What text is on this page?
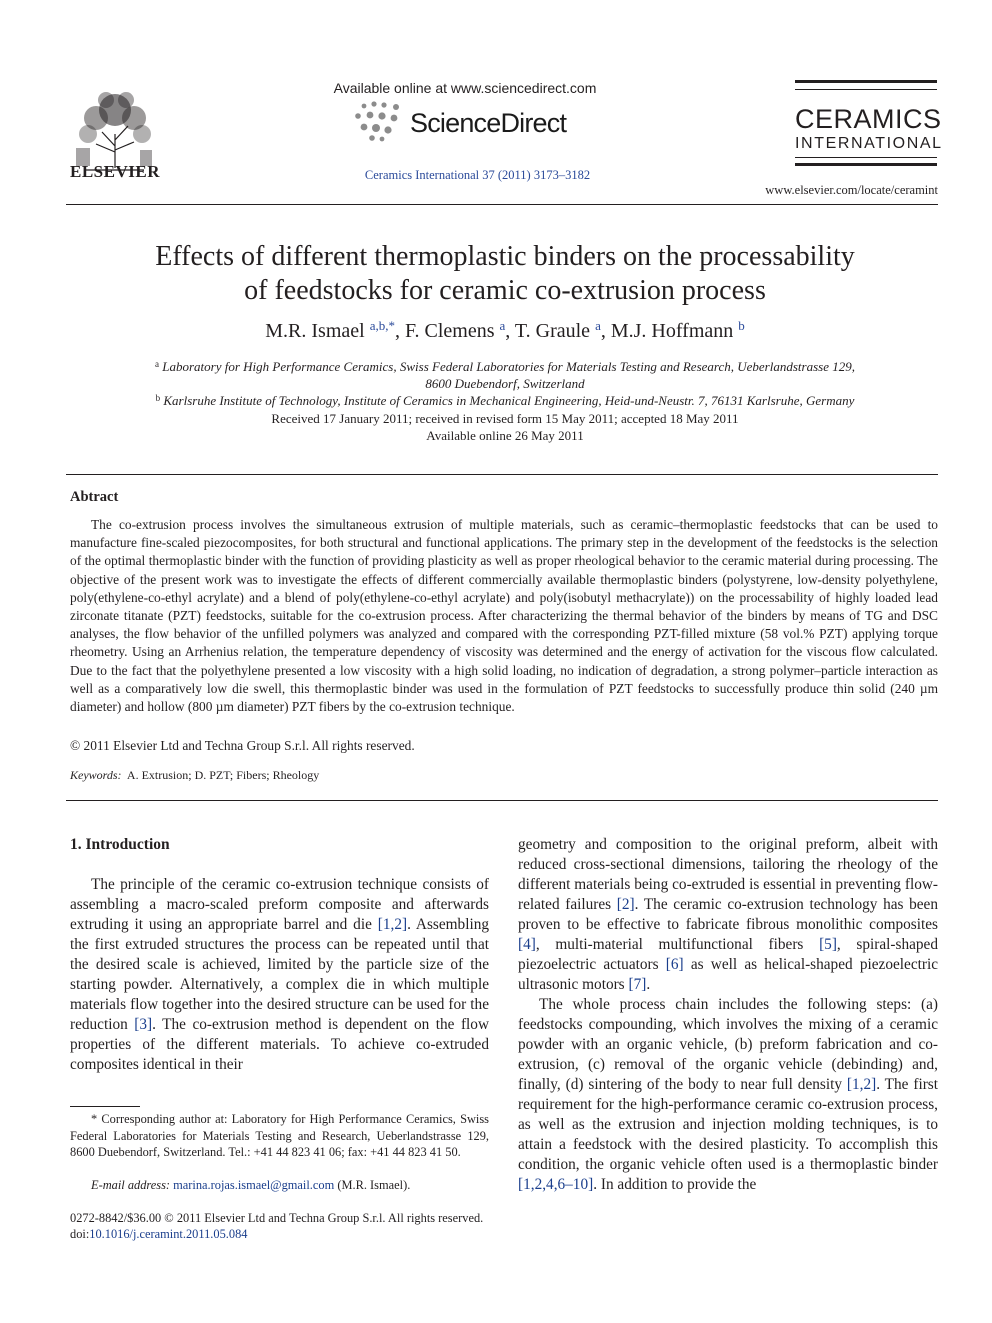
ELSEVIER
Available online at www.sciencedirect.com
ScienceDirect
Ceramics International 37 (2011) 3173–3182
CERAMICS
INTERNATIONAL
www.elsevier.com/locate/ceramint
Effects of different thermoplastic binders on the processability
of feedstocks for ceramic co-extrusion process
M.R. Ismael $^{a,b,*}$, F. Clemens $^a$, T. Graule $^a$, M.J. Hoffmann $^b$
$^a$ Laboratory for High Performance Ceramics, Swiss Federal Laboratories for Materials Testing and Research, Ueberlandstrasse 129,
8600 Duebendorf, Switzerland
$^b$ Karlsruhe Institute of Technology, Institute of Ceramics in Mechanical Engineering, Heid-und-Neustr. 7, 76131 Karlsruhe, Germany
Received 17 January 2011; received in revised form 15 May 2011; accepted 18 May 2011
Available online 26 May 2011
Abtract
The co-extrusion process involves the simultaneous extrusion of multiple materials, such as ceramic–thermoplastic feedstocks that can be used to manufacture fine-scaled piezocomposites, for both structural and functional applications. The primary step in the development of the feedstocks is the selection of the optimal thermoplastic binder with the function of providing plasticity as well as proper rheological behavior to the ceramic material during processing. The objective of the present work was to investigate the effects of different commercially available thermoplastic binders (polystyrene, low-density polyethylene, poly(ethylene-co-ethyl acrylate) and a blend of poly(ethylene-co-ethyl acrylate) and poly(isobutyl methacrylate)) on the processability of highly loaded lead zirconate titanate (PZT) feedstocks, suitable for the co-extrusion process. After characterizing the thermal behavior of the binders by means of TG and DSC analyses, the flow behavior of the unfilled polymers was analyzed and compared with the corresponding PZT-filled mixture (58 vol.% PZT) applying torque rheometry. Using an Arrhenius relation, the temperature dependency of viscosity was determined and the energy of activation for the viscous flow calculated. Due to the fact that the polyethylene presented a low viscosity with a high solid loading, no indication of degradation, a strong polymer–particle interaction as well as a comparatively low die swell, this thermoplastic binder was used in the formulation of PZT feedstocks to successfully produce thin solid (240 µm diameter) and hollow (800 µm diameter) PZT fibers by the co-extrusion technique.
© 2011 Elsevier Ltd and Techna Group S.r.l. All rights reserved.
Keywords: A. Extrusion; D. PZT; Fibers; Rheology
1. Introduction
The principle of the ceramic co-extrusion technique consists of assembling a macro-scaled preform composite and afterwards extruding it using an appropriate barrel and die [1,2]. Assembling the first extruded structures the process can be repeated until that the desired scale is achieved, limited by the particle size of the starting powder. Alternatively, a complex die in which multiple materials flow together into the desired structure can be used for the reduction [3]. The co-extrusion method is dependent on the flow properties of the different materials. To achieve co-extruded composites identical in their

geometry and composition to the original preform, albeit with reduced cross-sectional dimensions, tailoring the rheology of the different materials being co-extruded is essential in preventing flow-related failures [2]. The ceramic co-extrusion technology has been proven to be effective to fabricate fibrous monolithic composites [4], multi-material multifunctional fibers [5], spiral-shaped piezoelectric actuators [6] as well as helical-shaped piezoelectric ultrasonic motors [7].

The whole process chain includes the following steps: (a) feedstocks compounding, which involves the mixing of a ceramic powder with an organic vehicle, (b) preform fabrication and co-extrusion, (c) removal of the organic vehicle (debinding) and, finally, (d) sintering of the body to near full density [1,2]. The first requirement for the high-performance ceramic co-extrusion process, as well as the extrusion and injection molding techniques, is to attain a feedstock with the desired plasticity. To accomplish this condition, the organic vehicle often used is a thermoplastic binder [1,2,4,6–10]. In addition to provide the

* Corresponding author at: Laboratory for High Performance Ceramics, Swiss Federal Laboratories for Materials Testing and Research, Ueberlandstrasse 129, 8600 Duebendorf, Switzerland. Tel.: +41 44 823 41 06; fax: +41 44 823 41 50.
E-mail address: marina.rojas.ismael@gmail.com (M.R. Ismael).
0272-8842/$36.00 © 2011 Elsevier Ltd and Techna Group S.r.l. All rights reserved.
doi:10.1016/j.ceramint.2011.05.084
